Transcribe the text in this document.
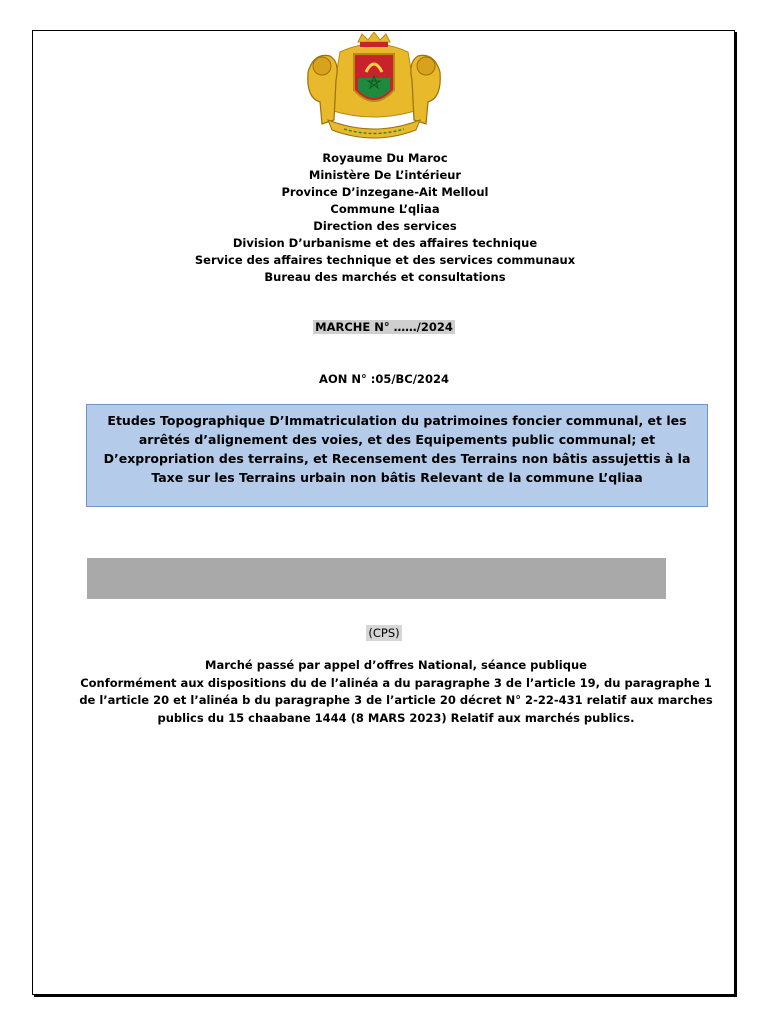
Royaume Du Maroc
Ministère De L’intérieur
Province D’inzegane-Ait Melloul
Commune L’qliaa
Direction des services
Division D’urbanisme et des affaires technique
Service des affaires technique et des services communaux
Bureau des marchés et consultations
MARCHE N° ……/2024
AON N° :05/BC/2024
Etudes Topographique D’Immatriculation du patrimoines foncier communal, et les arrêtés d’alignement des voies, et des Equipements public communal; et D’expropriation des terrains, et Recensement des Terrains non bâtis assujettis à la Taxe sur les Terrains urbain non bâtis Relevant de la commune L’qliaa
(CPS)
Marché passé par appel d’offres National, séance publique
Conformément aux dispositions du de l’alinéa a du paragraphe 3 de l’article 19, du paragraphe 1 de l’article 20 et l’alinéa b du paragraphe 3 de l’article 20 décret N° 2-22-431 relatif aux marches publics du 15 chaabane 1444 (8 MARS 2023) Relatif aux marchés publics.
